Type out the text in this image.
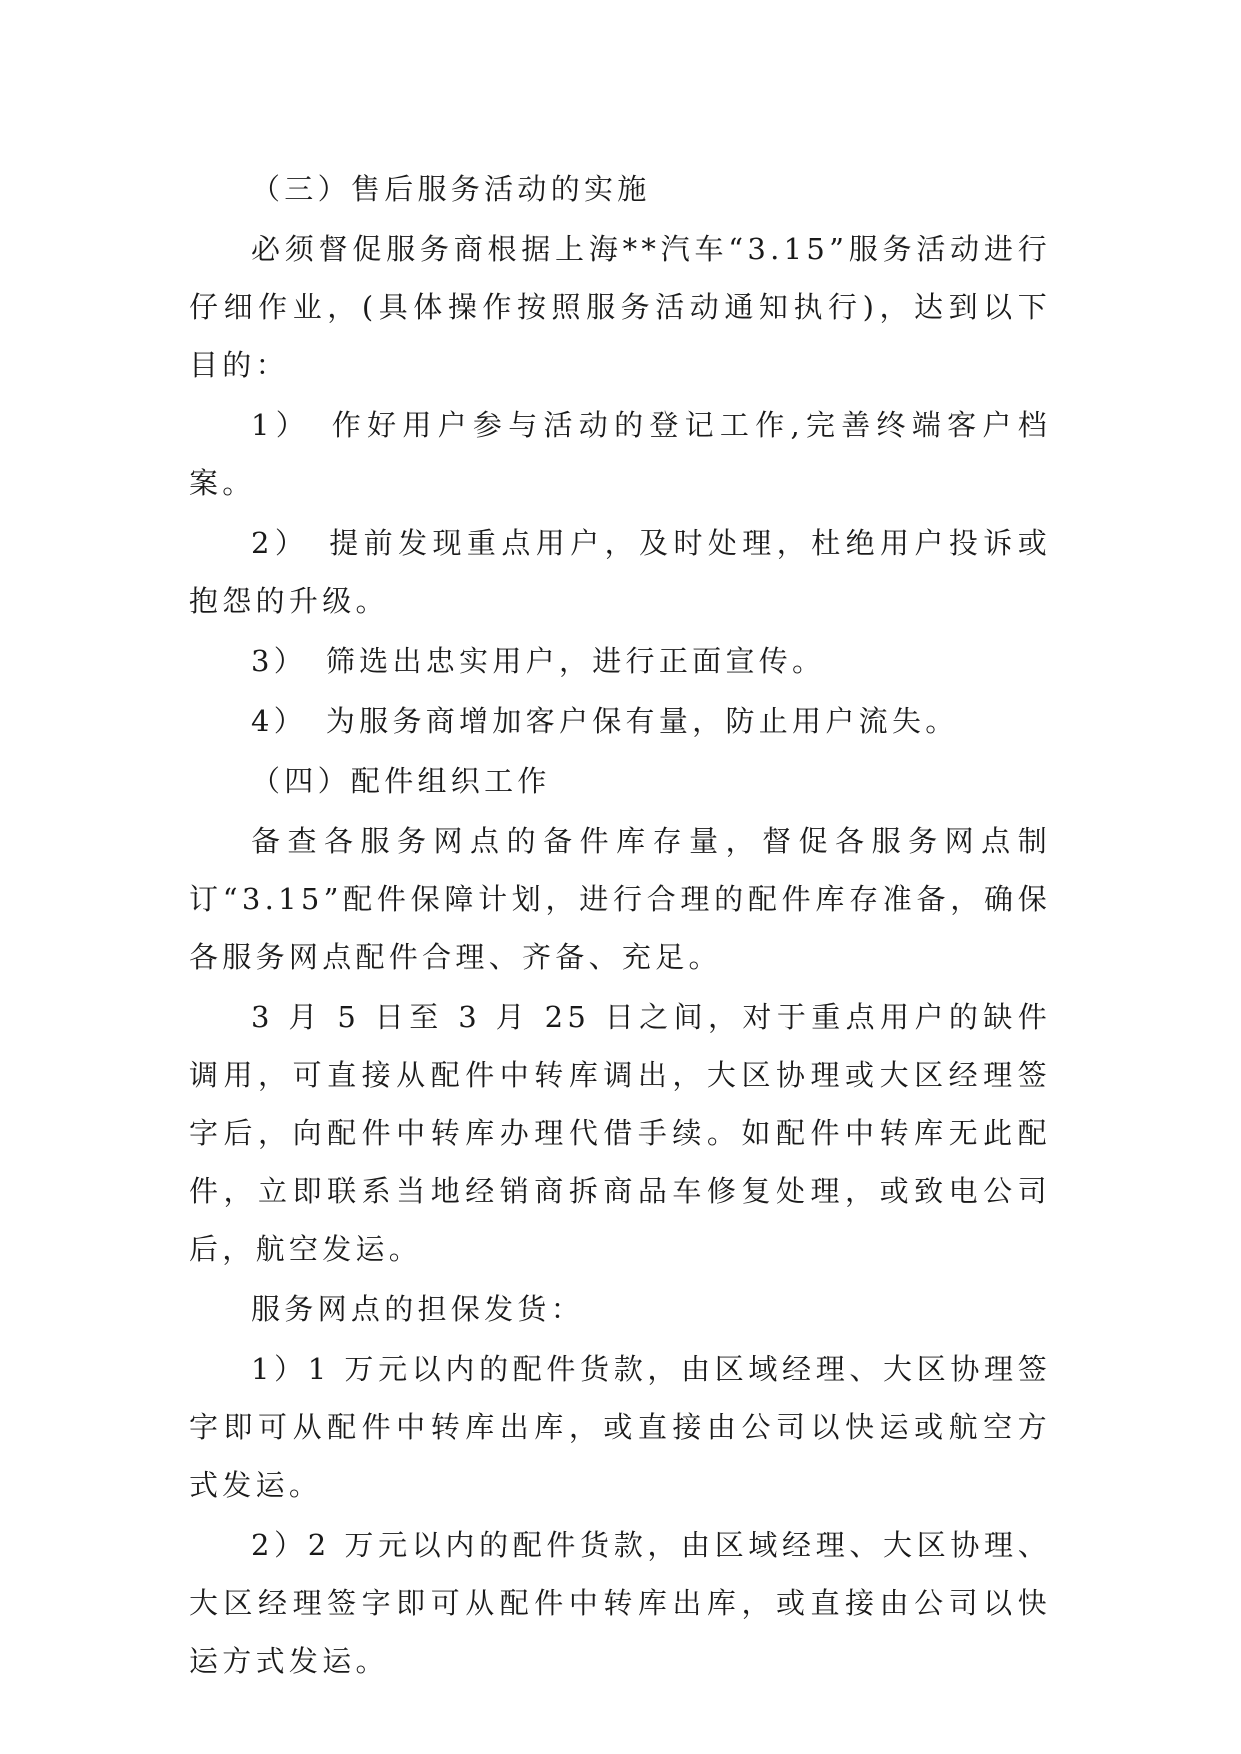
（三）售后服务活动的实施

必须督促服务商根据上海**汽车“3.15”服务活动进行仔细作业，(具体操作按照服务活动通知执行)，达到以下目的：

1）　作好用户参与活动的登记工作,完善终端客户档案。

2）　提前发现重点用户，及时处理，杜绝用户投诉或抱怨的升级。

3）　筛选出忠实用户，进行正面宣传。

4）　为服务商增加客户保有量，防止用户流失。

（四）配件组织工作

备查各服务网点的备件库存量，督促各服务网点制订“3.15”配件保障计划，进行合理的配件库存准备，确保各服务网点配件合理、齐备、充足。

3 月 5 日至 3 月 25 日之间，对于重点用户的缺件调用，可直接从配件中转库调出，大区协理或大区经理签字后，向配件中转库办理代借手续。如配件中转库无此配件，立即联系当地经销商拆商品车修复处理，或致电公司后，航空发运。

服务网点的担保发货：

1）1 万元以内的配件货款，由区域经理、大区协理签字即可从配件中转库出库，或直接由公司以快运或航空方式发运。

2）2 万元以内的配件货款，由区域经理、大区协理、大区经理签字即可从配件中转库出库，或直接由公司以快运方式发运。
